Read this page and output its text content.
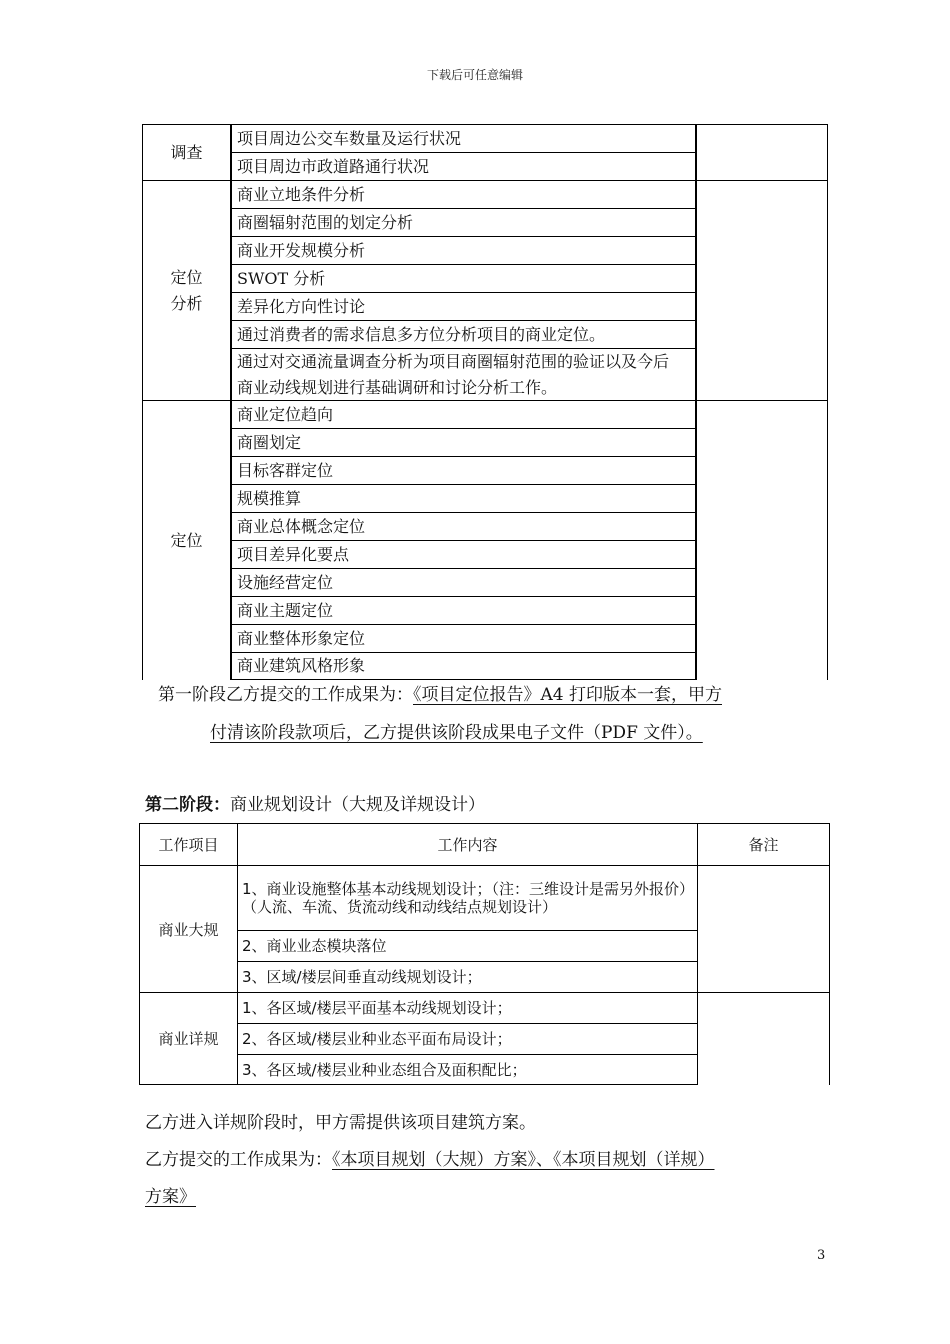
下载后可任意编辑
调查
项目周边公交车数量及运行状况
项目周边市政道路通行状况
定位
分析
商业立地条件分析
商圈辐射范围的划定分析
商业开发规模分析
SWOT 分析
差异化方向性讨论
通过消费者的需求信息多方位分析项目的商业定位。
通过对交通流量调查分析为项目商圈辐射范围的验证以及今后
商业动线规划进行基础调研和讨论分析工作。
定位
商业定位趋向
商圈划定
目标客群定位
规模推算
商业总体概念定位
项目差异化要点
设施经营定位
商业主题定位
商业整体形象定位
商业建筑风格形象
第一阶段乙方提交的工作成果为：《项目定位报告》A4 打印版本一套，甲方
付清该阶段款项后，乙方提供该阶段成果电子文件（PDF 文件）。
第二阶段：商业规划设计（大规及详规设计）
工作项目	工作内容	备注
商业大规
1、商业设施整体基本动线规划设计；（注：三维设计是需另外报价）（人流、车流、货流动线和动线结点规划设计）
2、商业业态模块落位
3、区域/楼层间垂直动线规划设计；
商业详规
1、各区域/楼层平面基本动线规划设计；
2、各区域/楼层业种业态平面布局设计；
3、各区域/楼层业种业态组合及面积配比；
乙方进入详规阶段时，甲方需提供该项目建筑方案。
乙方提交的工作成果为：《本项目规划（大规）方案》、《本项目规划（详规）
方案》
3
